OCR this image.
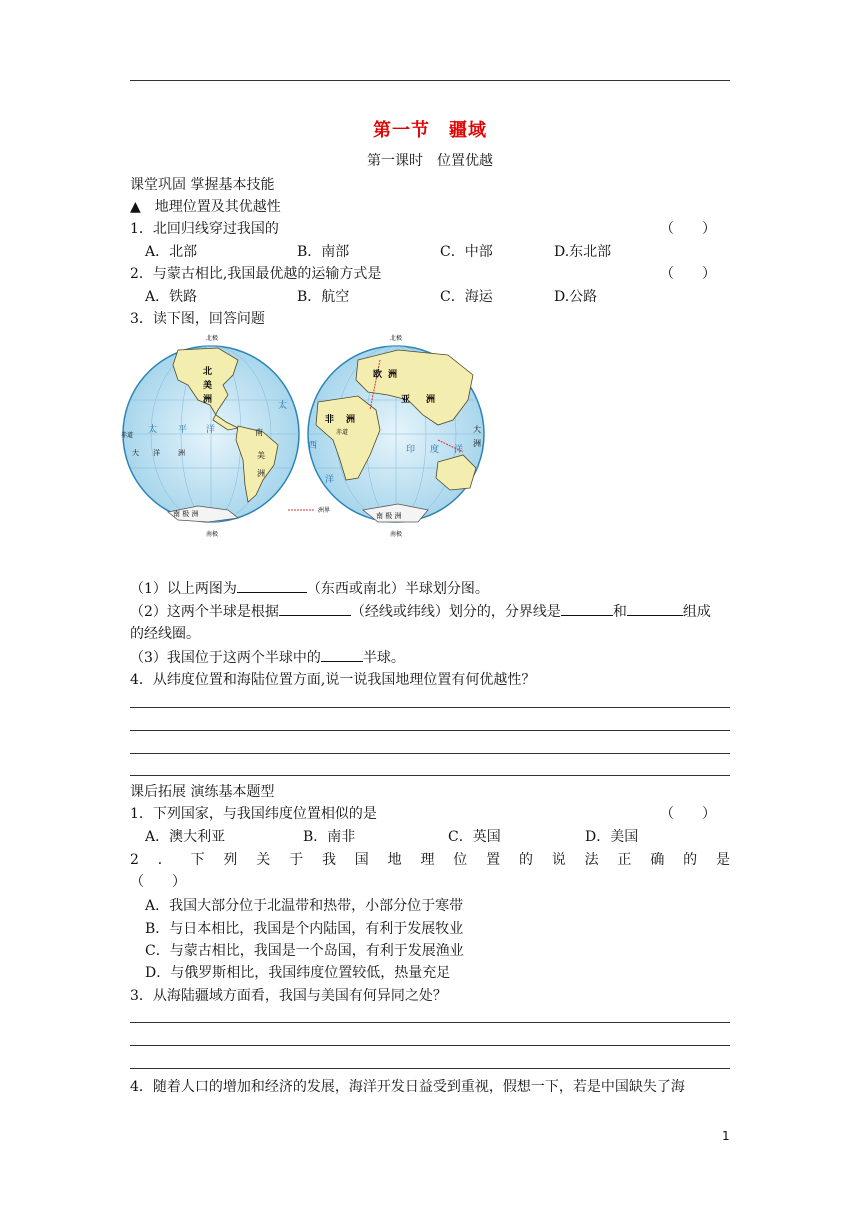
第一节　疆域
第一课时　位置优越
课堂巩固 掌握基本技能
▲　地理位置及其优越性
1．北回归线穿过我国的	（　　）
A．北部	B．南部	C．中部	D.东北部
2．与蒙古相比,我国最优越的运输方式是	（　　）
A．铁路	B．航空	C．海运	D.公路
3．读下图，回答问题
北极
南极
赤道
北
美
洲
南
美
洲
太 平 洋
大 洋	洲
太
南 极 洲	洲界
北极
南极
赤道
欧 洲
亚 洲
非 洲
印 度 洋
西
大
洲
洋
南 极 洲
（1）以上两图为	（东西或南北）半球划分图。
（2）这两个半球是根据	（经线或纬线）划分的，分界线是	和	组成
的经线圈。
（3）我国位于这两个半球中的	半球。
4．从纬度位置和海陆位置方面,说一说我国地理位置有何优越性？
课后拓展 演练基本题型
1．下列国家，与我国纬度位置相似的是	（　　）
A．澳大利亚	B．南非	C．英国	D．美国
2．下列关于我国地理位置的说法正确的是
（　　）
A．我国大部分位于北温带和热带，小部分位于寒带
B．与日本相比，我国是个内陆国，有利于发展牧业
C．与蒙古相比，我国是一个岛国，有利于发展渔业
D．与俄罗斯相比，我国纬度位置较低，热量充足
3．从海陆疆域方面看，我国与美国有何异同之处？
4．随着人口的增加和经济的发展，海洋开发日益受到重视，假想一下，若是中国缺失了海
1
